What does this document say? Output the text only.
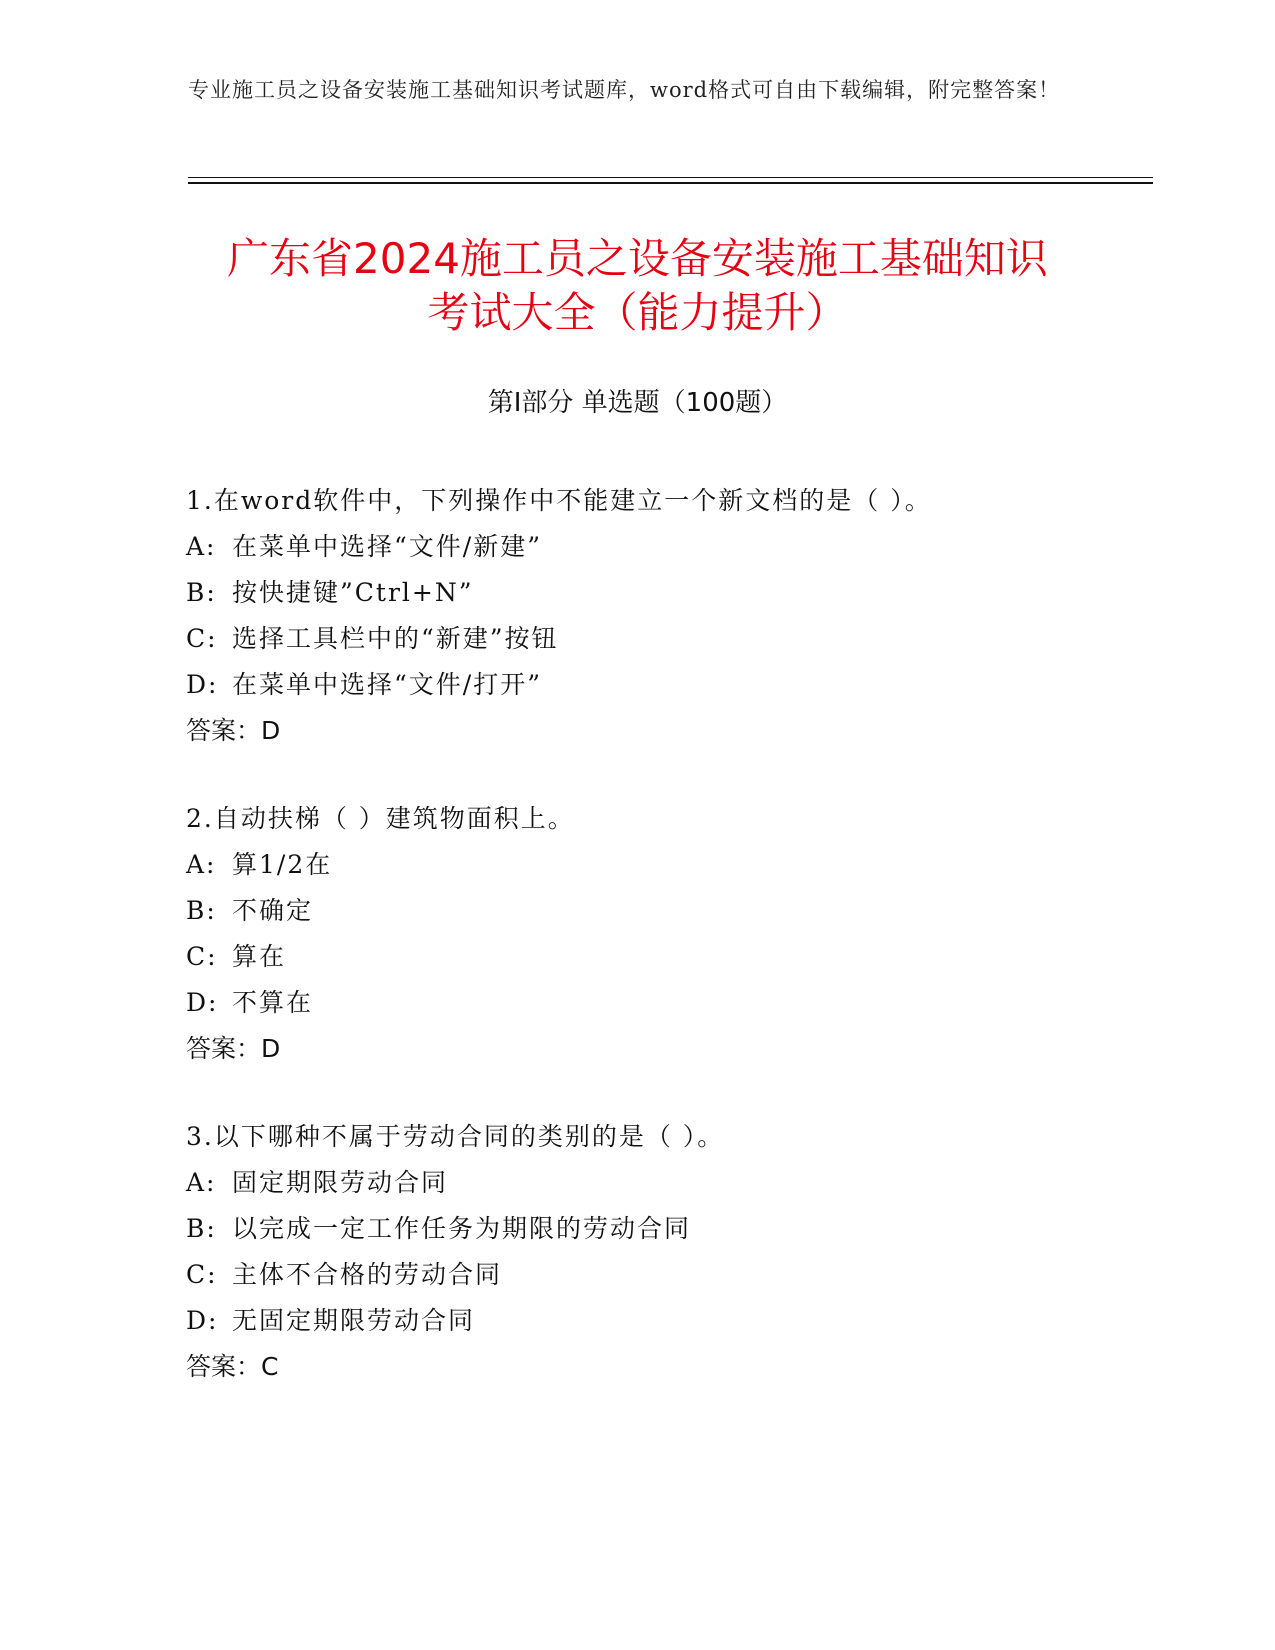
专业施工员之设备安装施工基础知识考试题库，word格式可自由下载编辑，附完整答案！
广东省2024施工员之设备安装施工基础知识
考试大全（能力提升）
第Ⅰ部分 单选题（100题）
1.在word软件中，下列操作中不能建立一个新文档的是（ ）。
A: 在菜单中选择“文件/新建”
B: 按快捷键”Ctrl+N”
C: 选择工具栏中的“新建”按钮
D: 在菜单中选择“文件/打开”
答案：D
2.自动扶梯（ ）建筑物面积上。
A: 算1/2在
B: 不确定
C: 算在
D: 不算在
答案：D
3.以下哪种不属于劳动合同的类别的是（ ）。
A: 固定期限劳动合同
B: 以完成一定工作任务为期限的劳动合同
C: 主体不合格的劳动合同
D: 无固定期限劳动合同
答案：C
